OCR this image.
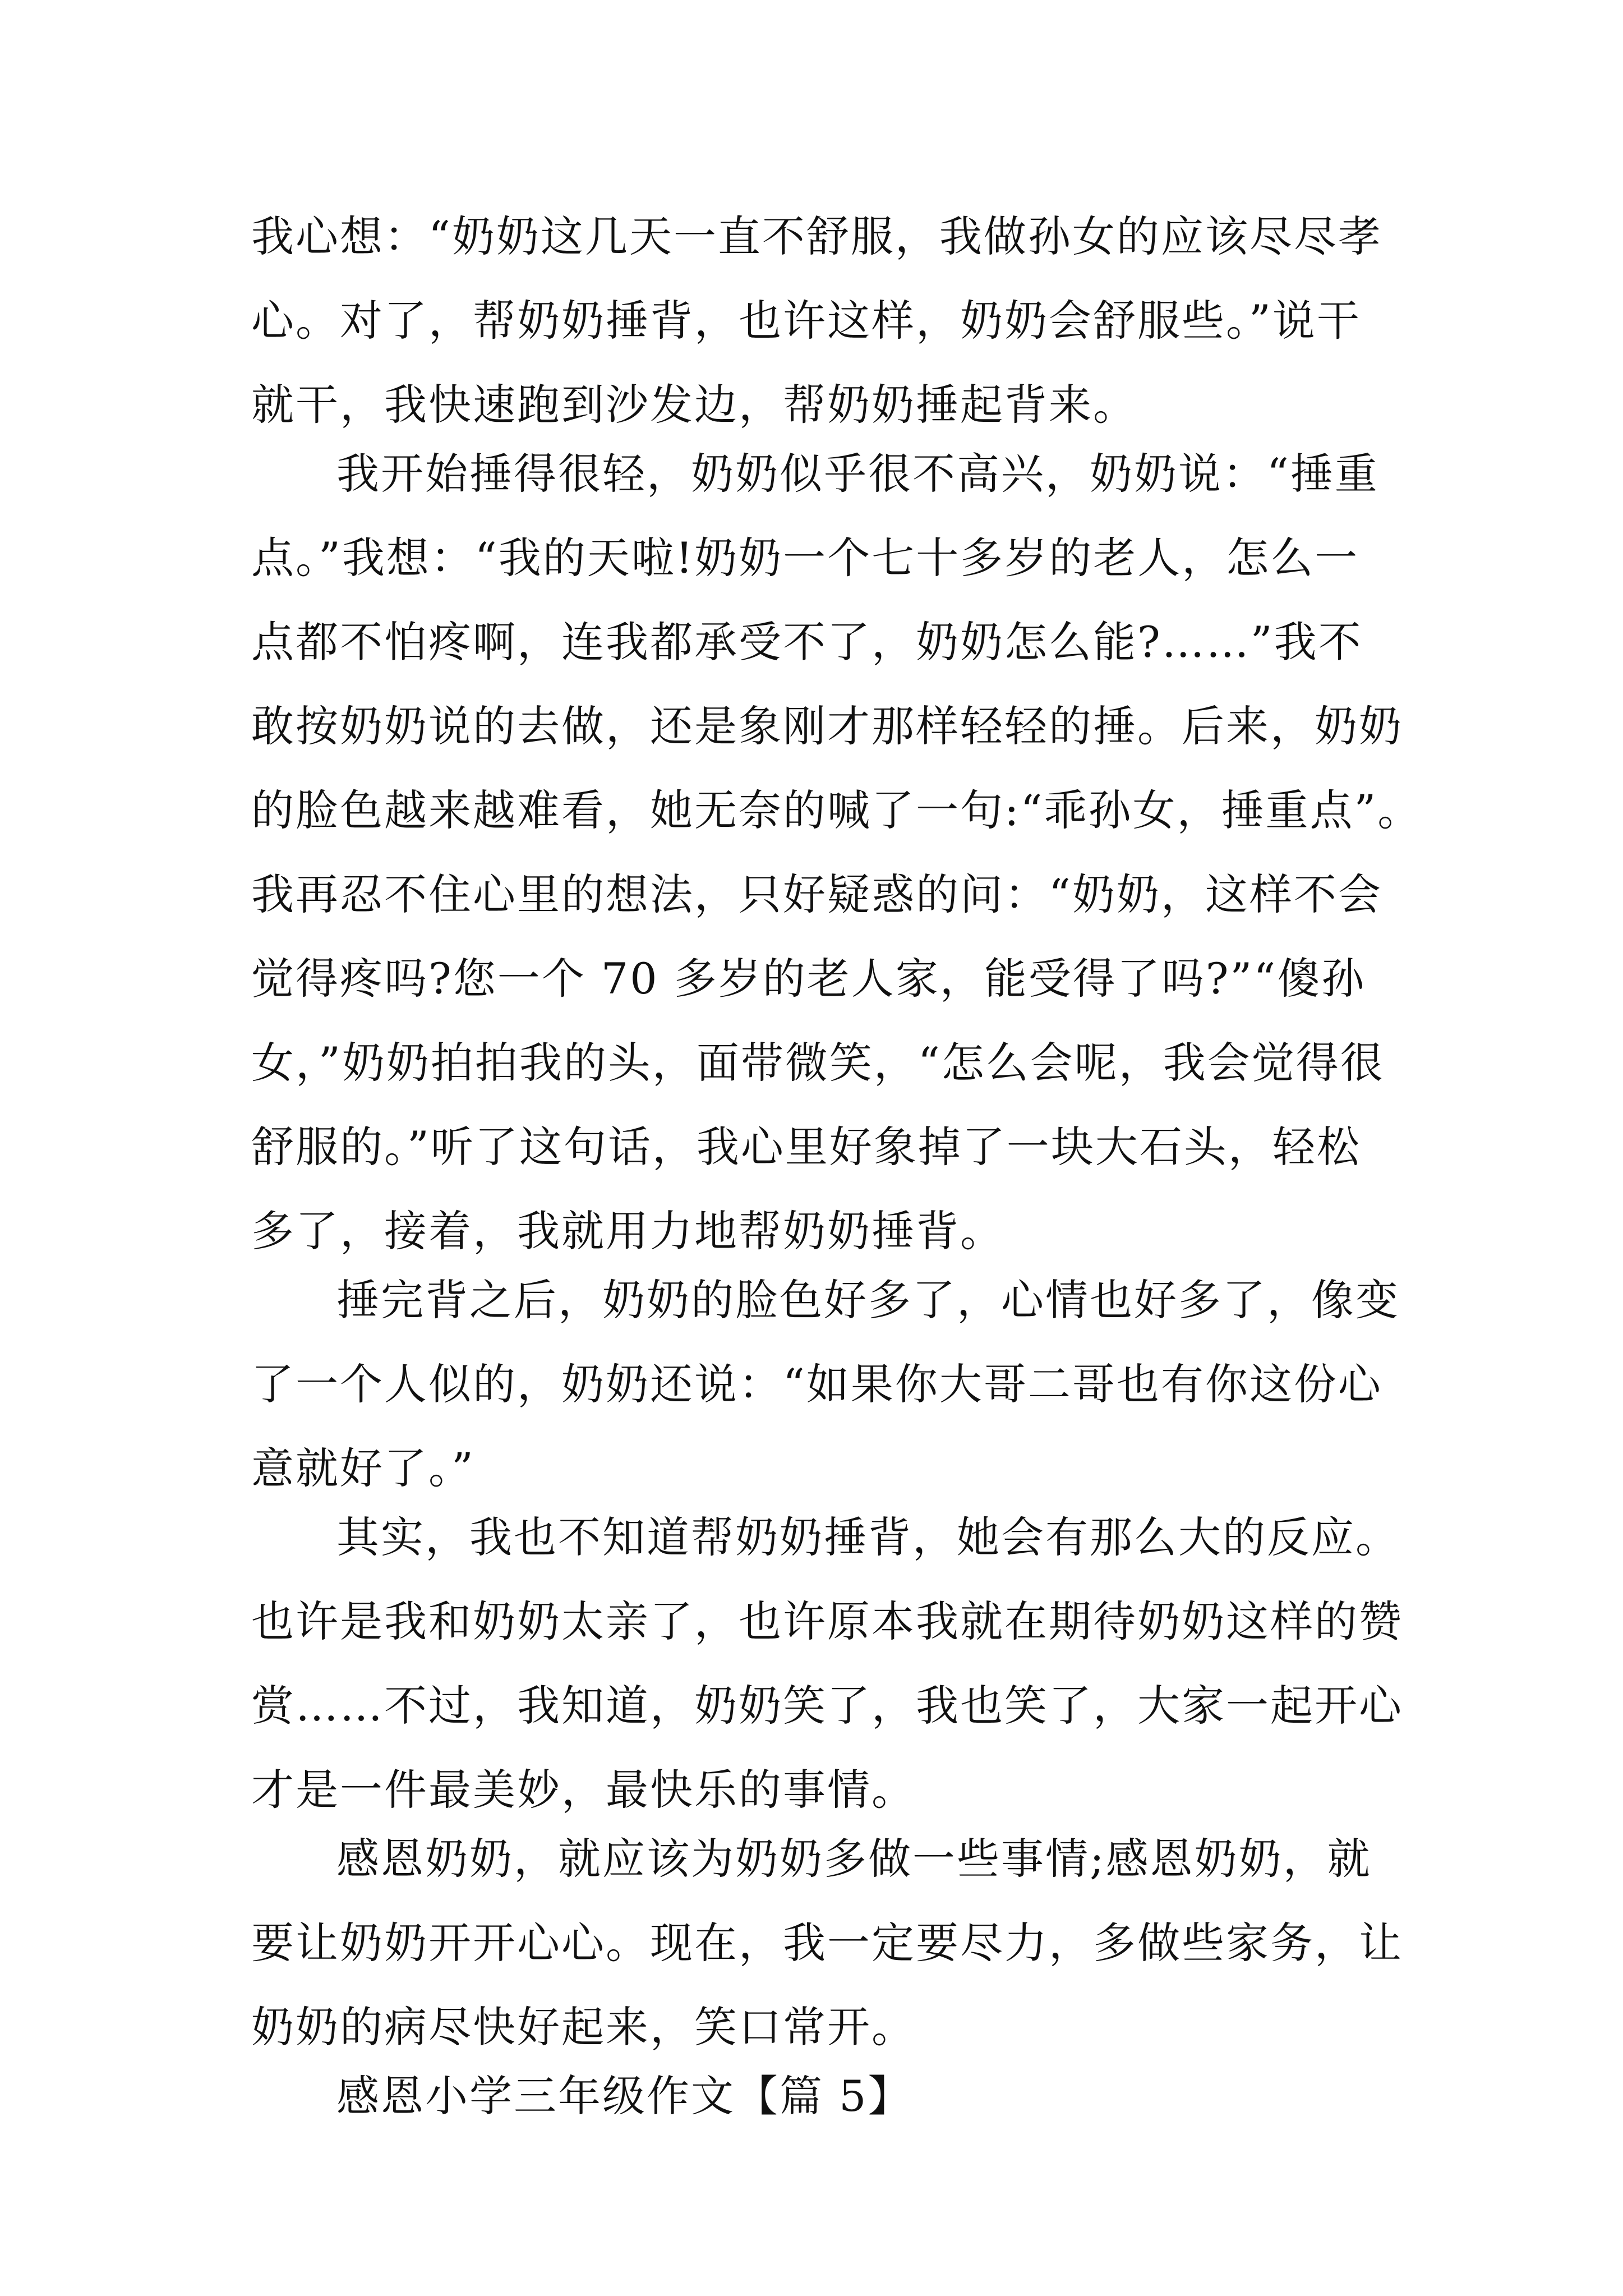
我心想：“奶奶这几天一直不舒服，我做孙女的应该尽尽孝
心。对了，帮奶奶捶背，也许这样，奶奶会舒服些。”说干
就干，我快速跑到沙发边，帮奶奶捶起背来。
我开始捶得很轻，奶奶似乎很不高兴，奶奶说：“捶重
点。”我想：“我的天啦!奶奶一个七十多岁的老人，怎么一
点都不怕疼啊，连我都承受不了，奶奶怎么能?……”我不
敢按奶奶说的去做，还是象刚才那样轻轻的捶。后来，奶奶
的脸色越来越难看，她无奈的喊了一句:“乖孙女，捶重点”。
我再忍不住心里的想法，只好疑惑的问：“奶奶，这样不会
觉得疼吗?您一个 70 多岁的老人家，能受得了吗?”“傻孙
女，”奶奶拍拍我的头，面带微笑，“怎么会呢，我会觉得很
舒服的。”听了这句话，我心里好象掉了一块大石头，轻松
多了，接着，我就用力地帮奶奶捶背。
捶完背之后，奶奶的脸色好多了，心情也好多了，像变
了一个人似的，奶奶还说：“如果你大哥二哥也有你这份心
意就好了。”
其实，我也不知道帮奶奶捶背，她会有那么大的反应。
也许是我和奶奶太亲了，也许原本我就在期待奶奶这样的赞
赏……不过，我知道，奶奶笑了，我也笑了，大家一起开心
才是一件最美妙，最快乐的事情。
感恩奶奶，就应该为奶奶多做一些事情;感恩奶奶，就
要让奶奶开开心心。现在，我一定要尽力，多做些家务，让
奶奶的病尽快好起来，笑口常开。
感恩小学三年级作文【篇 5】
